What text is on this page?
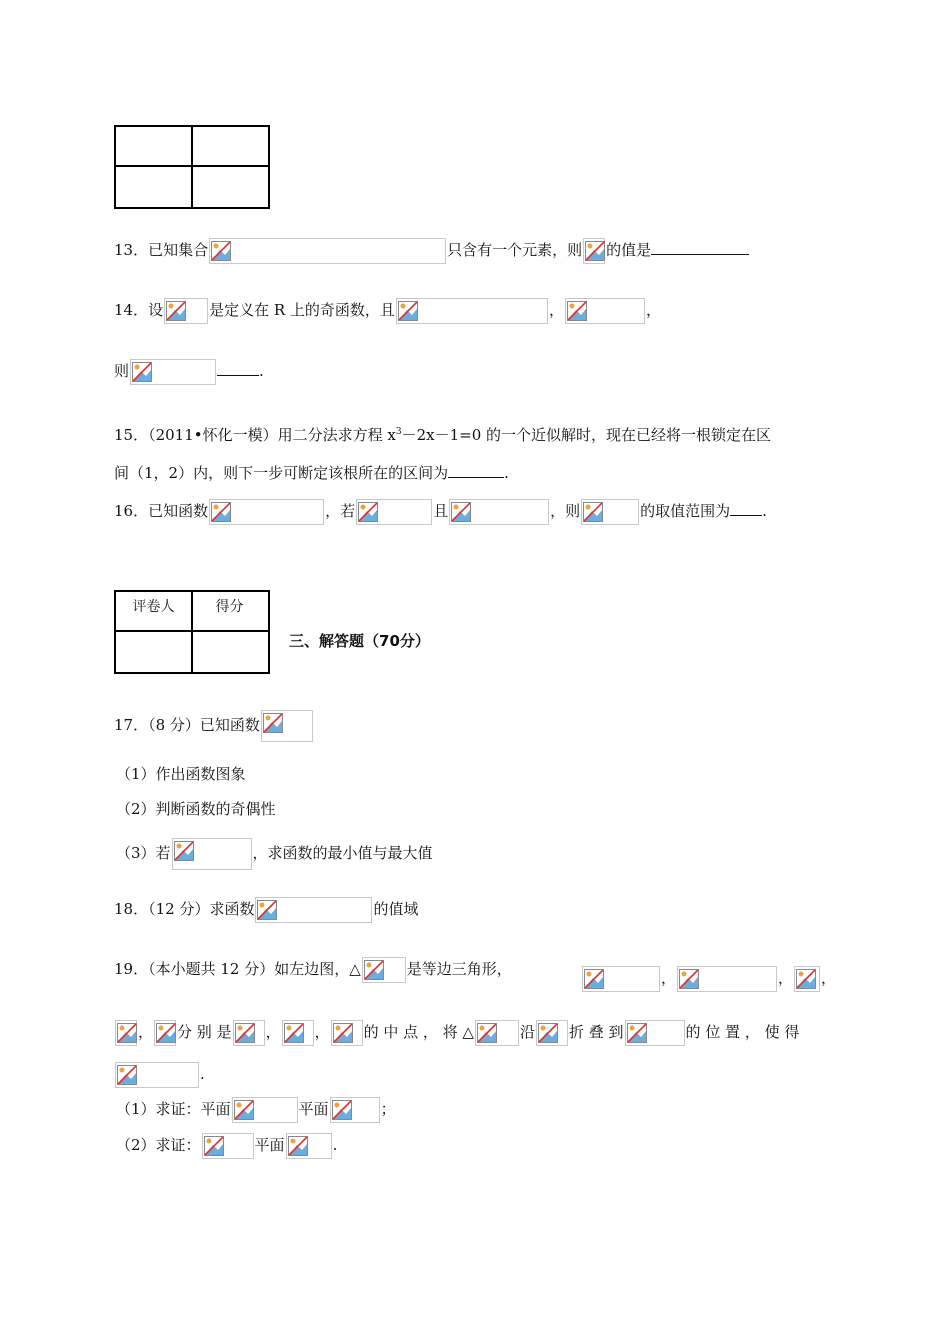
13．已知集合	只含有一个元素，则 的值是
14．设	是定义在 R 上的奇函数，且	，	，
则	.
15．（2011•怀化一模）用二分法求方程 $x^3-2x-1=0$ 的一个近似解时，现在已经将一根锁定在区
间（1，2）内，则下一步可断定该根所在的区间为	.
16．已知函数	，若	且	，则	的取值范围为 .
评卷人	得分
三、解答题（70分）
17．（8 分）已知函数
（1）作出函数图象
（2）判断函数的奇偶性
（3）若	，求函数的最小值与最大值
18．（12 分）求函数	的值域
19．（本小题共 12 分）如左边图，△	是等边三角形，	，	， ，
， 分 别 是 ， ， 的 中 点 ， 将 △	沿 折 叠 到	的 位 置 ， 使 得
.
（1）求证：平面	平面	；
（2）求证：	平面	.
